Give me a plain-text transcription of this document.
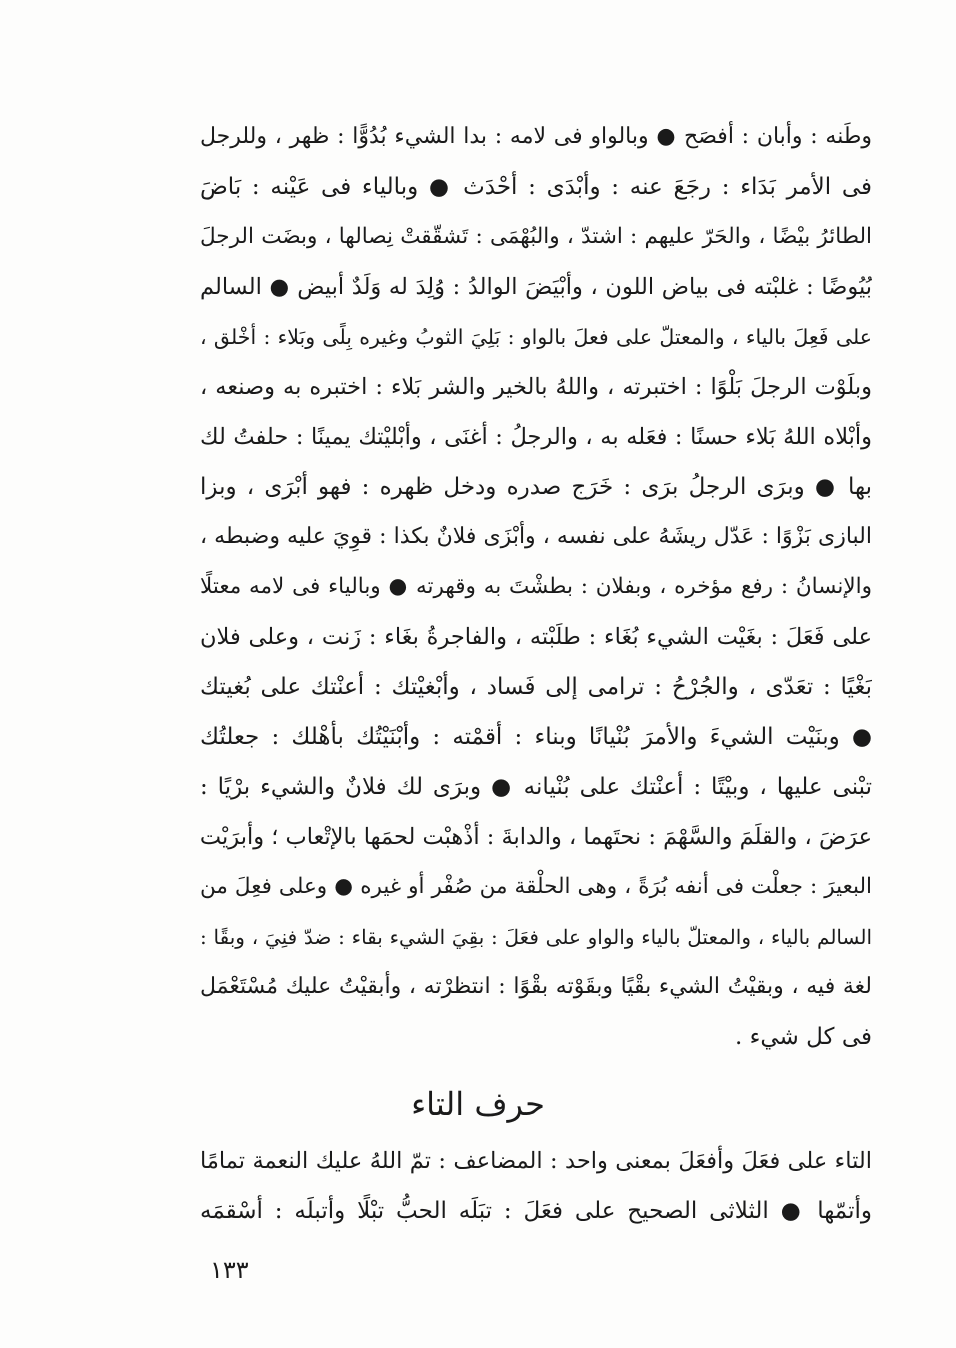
وطَنه : وأبان : أفصَح ● وبالواو فى لامه : بدا الشيء بُدُوًّا : ظهر ، وللرجل
فى الأمر بَدَاء : رجَعَ عنه : وأبْدَى : أحْدَث ● وبالياء فى عَيْنه : بَاضَ
الطائرُ بيْضًا ، والحَرّ عليهم : اشتدّ ، والبُهْمَى : تَشقّقتْ نِصالها ، وبضَت الرجلَ
بُيُوضًا : غلبْته فى بياض اللون ، وأبْيَضَ الوالدُ : وُلِدَ له وَلَدٌ أبيض ● السالم
على فَعِلَ بالياء ، والمعتلّ على فعلَ بالواو : بَلِيَ الثوبُ وغيره بِلًى وبَلاء : أخْلق ،
وبلَوْت الرجلَ بَلْوًا : اختبرته ، واللهُ بالخير والشر بَلاء : اختبره به وصنعه ،
وأبْلاه اللهُ بَلاء حسنًا : فعَله به ، والرجلُ : أغنَى ، وأبْليْتك يمينًا : حلفتُ لك
بها ● وبرَى الرجلُ برَى : خَرَج صدره ودخل ظهره : فهو أبْرَى ، وبزا
البازى بَزْوًا : عَدّل ريشَهُ على نفسه ، وأبْزَى فلانٌ بكذا : قوِيَ عليه وضبطه ،
والإنسانُ : رفع مؤخره ، وبفلان : بطشْتَ به وقهرته ● وبالياء فى لامه معتلًا
على فَعَلَ : بغَيْت الشيء بُغَاء : طلَبْته ، والفاجرةُ بغَاء : زَنت ، وعلى فلان
بَغْيًا : تعَدّى ، والجُرْحُ : ترامى إلى فَساد ، وأبْغيْتك : أعنْتك على بُغيتك
● وبنَيْت الشيءَ والأمرَ بُنْيانًا وبناء : أقمْته : وأبْنَيْتُك بأهْلك : جعلتُك
تبْنى عليها ، وبيْتًا : أعنْتك على بُنْيانه ● وبرَى لك فلانٌ والشيء برْيًا :
عرَضَ ، والقلَمَ والسَّهْمَ : نحتَهما ، والدابةَ : أذْهبْت لحمَها بالإتْعاب ؛ وأبرَيْت
البعيرَ : جعلْت فى أنفه بُرَةً ، وهى الحلْقة من صُفْر أو غيره ● وعلى فعِلَ من
السالم بالياء ، والمعتلّ بالياء والواو على فعَلَ : بقِيَ الشيء بقاء : ضدّ فنِيَ ، وبقًا :
لغة فيه ، وبقيْتُ الشيء بقْيًا وبقَوْته بقْوًا : انتظرْته ، وأبقيْتُ عليك مُسْتَعْمَل
فى كل شيء .
حرف التاء
التاء على فعَلَ وأفعَلَ بمعنى واحد : المضاعف : تمّ اللهُ عليك النعمة تمامًا
وأتمّها ● الثلاثى الصحيح على فعَلَ : تبَلَه الحبُّ تبْلًا وأتبلَه : أسْقمَه
١٣٣
